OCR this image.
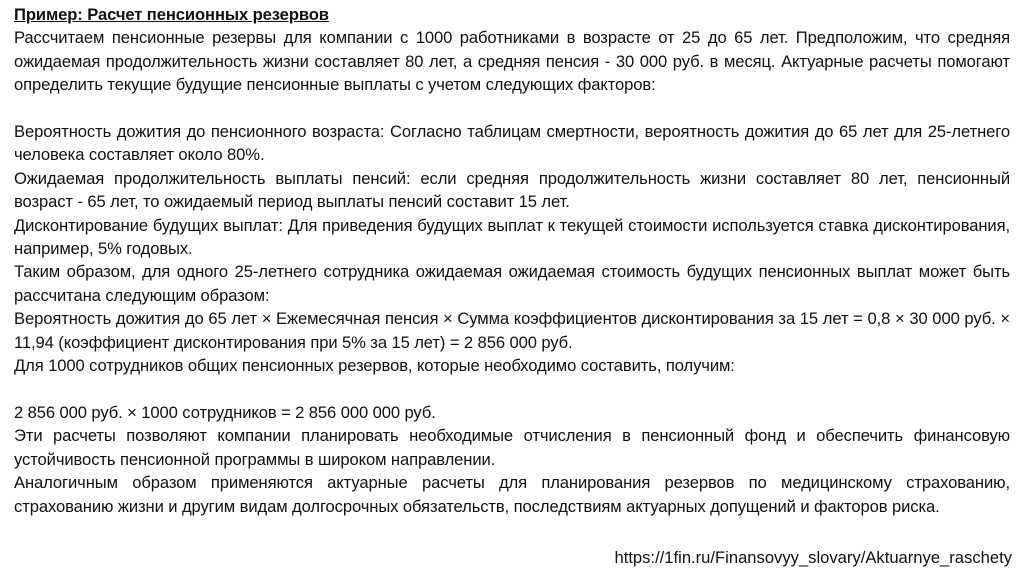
Пример: Расчет пенсионных резервов

Рассчитаем пенсионные резервы для компании с 1000 работниками в возрасте от 25 до 65 лет. Предположим, что средняя ожидаемая продолжительность жизни составляет 80 лет, а средняя пенсия - 30 000 руб. в месяц. Актуарные расчеты помогают определить текущие будущие пенсионные выплаты с учетом следующих факторов:

Вероятность дожития до пенсионного возраста: Согласно таблицам смертности, вероятность дожития до 65 лет для 25-летнего человека составляет около 80%.

Ожидаемая продолжительность выплаты пенсий: если средняя продолжительность жизни составляет 80 лет, пенсионный возраст - 65 лет, то ожидаемый период выплаты пенсий составит 15 лет.

Дисконтирование будущих выплат: Для приведения будущих выплат к текущей стоимости используется ставка дисконтирования, например, 5% годовых.

Таким образом, для одного 25-летнего сотрудника ожидаемая ожидаемая стоимость будущих пенсионных выплат может быть рассчитана следующим образом:

Вероятность дожития до 65 лет × Ежемесячная пенсия × Сумма коэффициентов дисконтирования за 15 лет = 0,8 × 30 000 руб. × 11,94 (коэффициент дисконтирования при 5% за 15 лет) = 2 856 000 руб.

Для 1000 сотрудников общих пенсионных резервов, которые необходимо составить, получим:

2 856 000 руб. × 1000 сотрудников = 2 856 000 000 руб.

Эти расчеты позволяют компании планировать необходимые отчисления в пенсионный фонд и обеспечить финансовую устойчивость пенсионной программы в широком направлении.

Аналогичным образом применяются актуарные расчеты для планирования резервов по медицинскому страхованию, страхованию жизни и другим видам долгосрочных обязательств, последствиям актуарных допущений и факторов риска.

https://1fin.ru/Finansovyy_slovary/Aktuarnye_raschety
